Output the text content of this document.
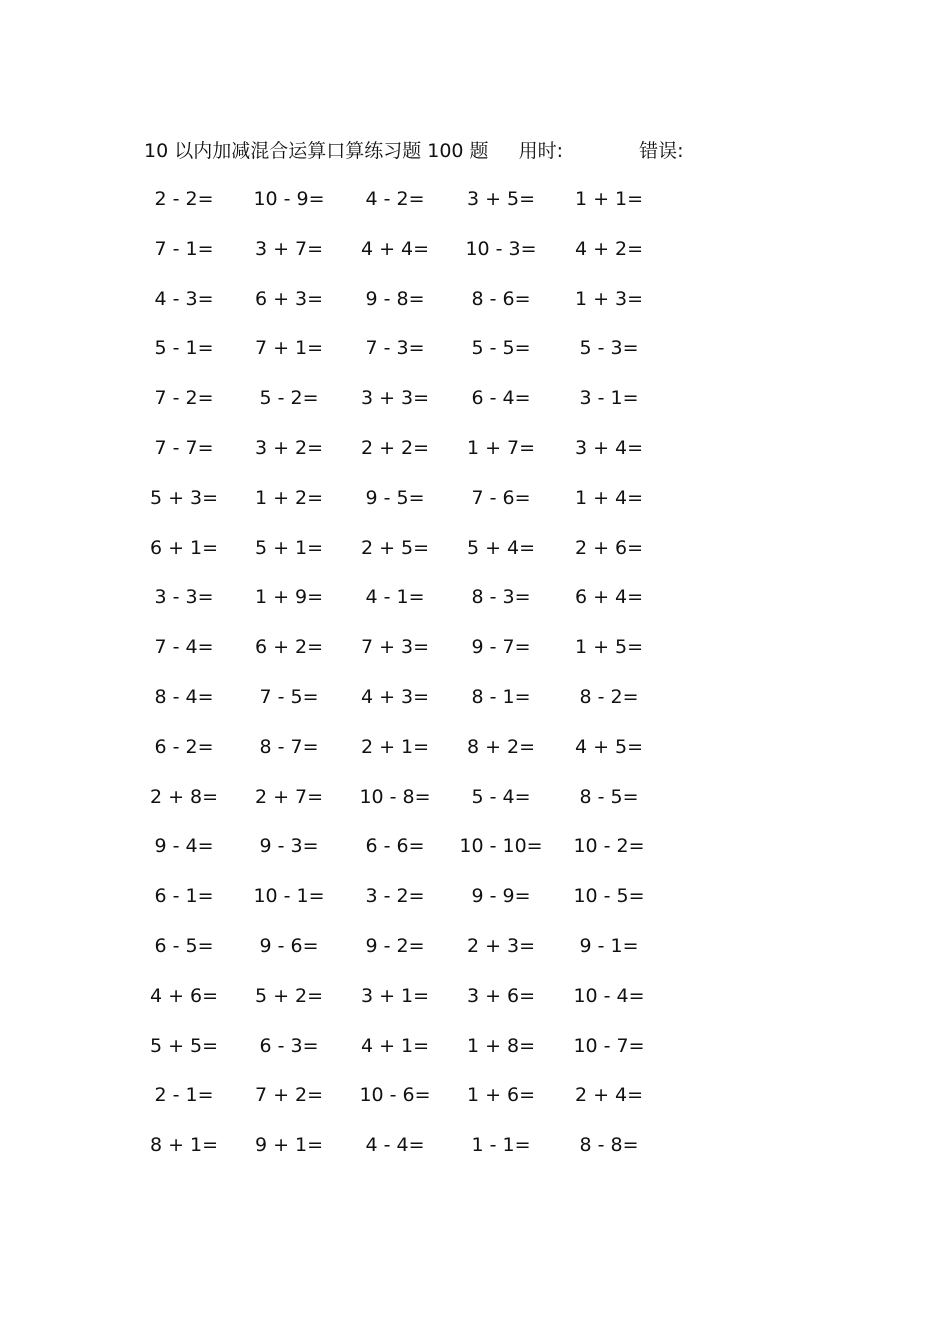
10 以内加减混合运算口算练习题 100 题 用时:	错误:
2 - 2=	10 - 9=	4 - 2=	3 + 5=	1 + 1=
7 - 1=	3 + 7=	4 + 4=	10 - 3=	4 + 2=
4 - 3=	6 + 3=	9 - 8=	8 - 6=	1 + 3=
5 - 1=	7 + 1=	7 - 3=	5 - 5=	5 - 3=
7 - 2=	5 - 2=	3 + 3=	6 - 4=	3 - 1=
7 - 7=	3 + 2=	2 + 2=	1 + 7=	3 + 4=
5 + 3=	1 + 2=	9 - 5=	7 - 6=	1 + 4=
6 + 1=	5 + 1=	2 + 5=	5 + 4=	2 + 6=
3 - 3=	1 + 9=	4 - 1=	8 - 3=	6 + 4=
7 - 4=	6 + 2=	7 + 3=	9 - 7=	1 + 5=
8 - 4=	7 - 5=	4 + 3=	8 - 1=	8 - 2=
6 - 2=	8 - 7=	2 + 1=	8 + 2=	4 + 5=
2 + 8=	2 + 7=	10 - 8=	5 - 4=	8 - 5=
9 - 4=	9 - 3=	6 - 6=	10 - 10=	10 - 2=
6 - 1=	10 - 1=	3 - 2=	9 - 9=	10 - 5=
6 - 5=	9 - 6=	9 - 2=	2 + 3=	9 - 1=
4 + 6=	5 + 2=	3 + 1=	3 + 6=	10 - 4=
5 + 5=	6 - 3=	4 + 1=	1 + 8=	10 - 7=
2 - 1=	7 + 2=	10 - 6=	1 + 6=	2 + 4=
8 + 1=	9 + 1=	4 - 4=	1 - 1=	8 - 8=
